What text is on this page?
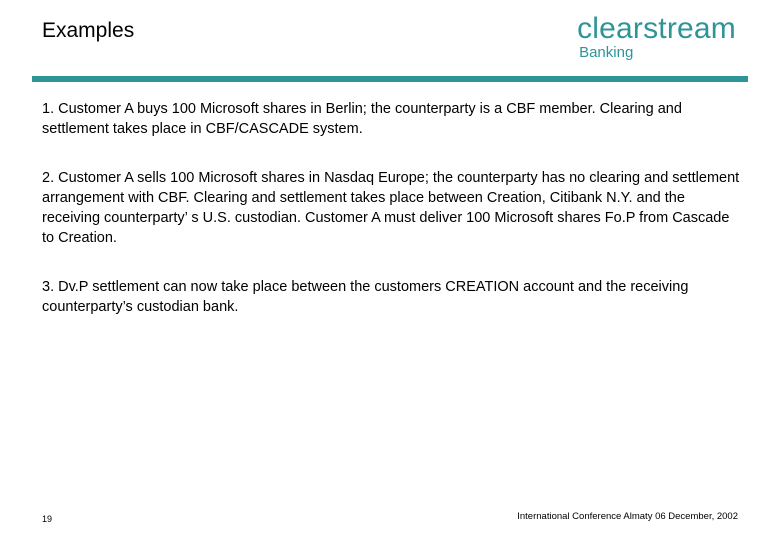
Examples	clearstream
Banking

1. Customer A buys 100 Microsoft shares in Berlin; the counterparty is a CBF member. Clearing and settlement takes place in CBF/CASCADE system.

2. Customer A sells 100 Microsoft shares in Nasdaq Europe; the counterparty has no clearing and settlement arrangement with CBF. Clearing and settlement takes place between Creation, Citibank N.Y. and the receiving counterparty’ s U.S. custodian. Customer A must deliver 100 Microsoft shares Fo.P from Cascade to Creation.

3. Dv.P settlement can now take place between the customers CREATION account and the receiving counterparty’s custodian bank.

19	International Conference Almaty 06 December, 2002
